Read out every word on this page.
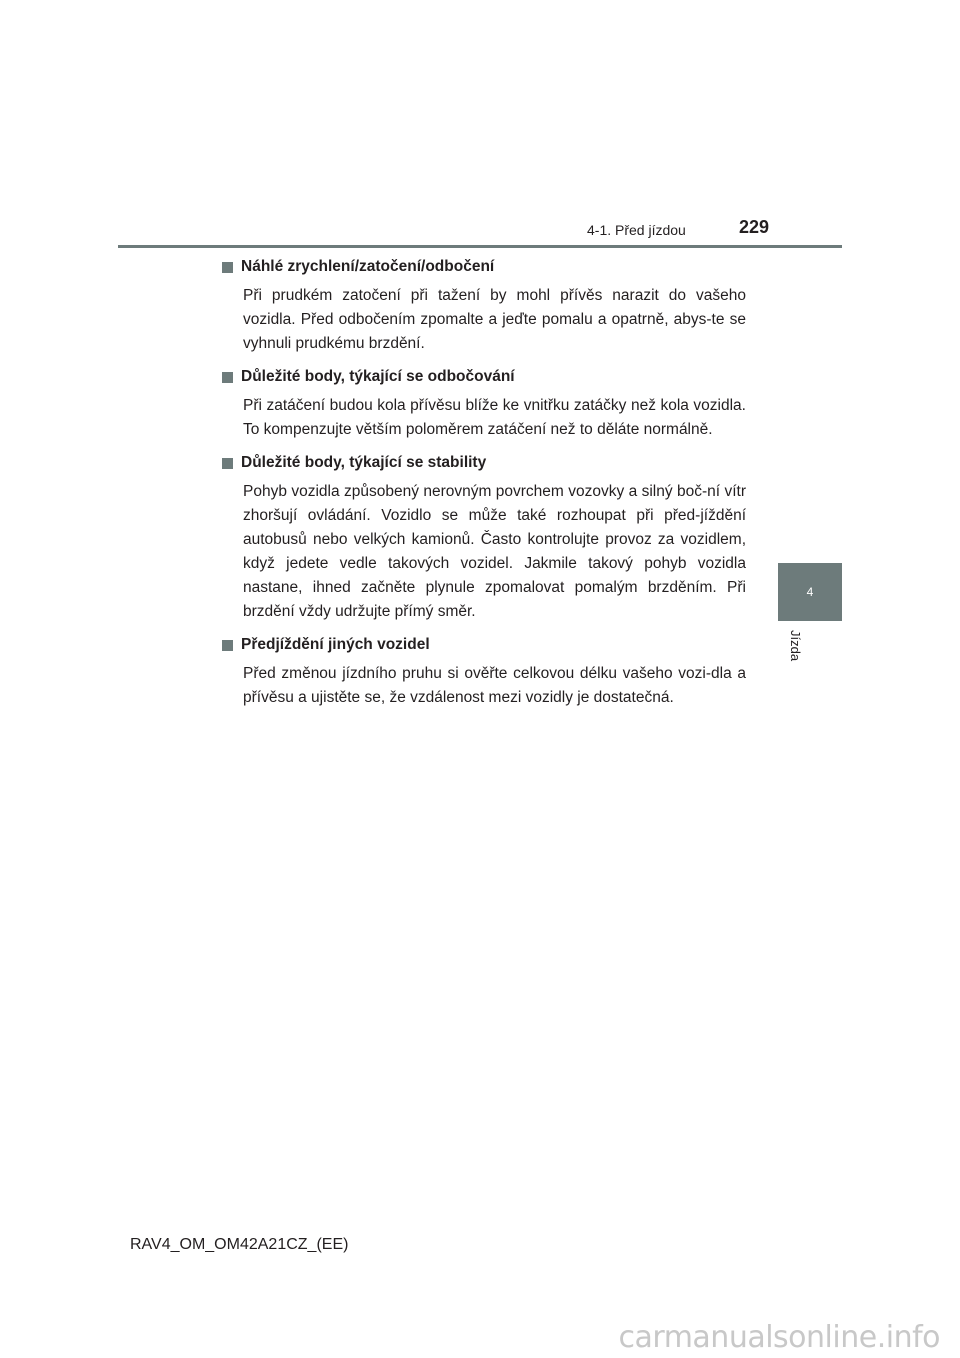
4-1. Před jízdou	229
4
Jízda
Náhlé zrychlení/zatočení/odbočení
Při prudkém zatočení při tažení by mohl přívěs narazit do vašeho vozidla. Před odbočením zpomalte a jeďte pomalu a opatrně, abys-te se vyhnuli prudkému brzdění.
Důležité body, týkající se odbočování
Při zatáčení budou kola přívěsu blíže ke vnitřku zatáčky než kola vozidla. To kompenzujte větším poloměrem zatáčení než to děláte normálně.
Důležité body, týkající se stability
Pohyb vozidla způsobený nerovným povrchem vozovky a silný boč-ní vítr zhoršují ovládání. Vozidlo se může také rozhoupat při před-jíždění autobusů nebo velkých kamionů. Často kontrolujte provoz za vozidlem, když jedete vedle takových vozidel. Jakmile takový pohyb vozidla nastane, ihned začněte plynule zpomalovat pomalým brzděním. Při brzdění vždy udržujte přímý směr.
Předjíždění jiných vozidel
Před změnou jízdního pruhu si ověřte celkovou délku vašeho vozi-dla a přívěsu a ujistěte se, že vzdálenost mezi vozidly je dostatečná.
RAV4_OM_OM42A21CZ_(EE)
carmanualsonline.info
